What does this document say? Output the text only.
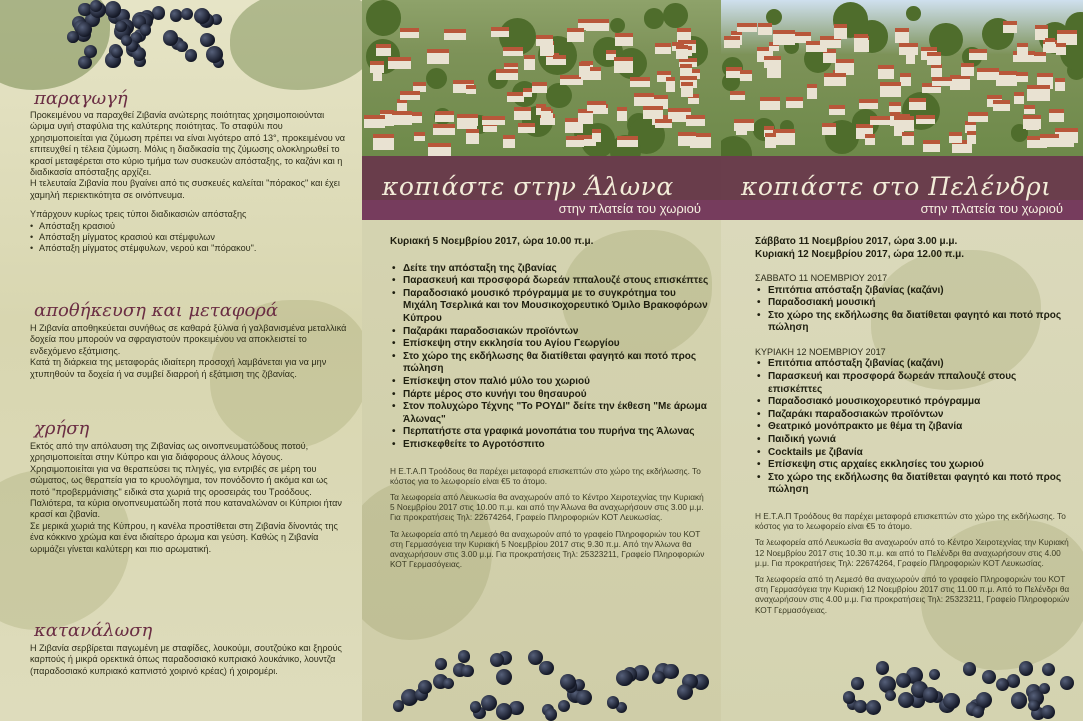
παραγωγή

Προκειμένου να παραχθεί Ζιβανία ανώτερης ποιότητας χρησιμοποιούνται ώριμα υγιή σταφύλια της καλύτερης ποιότητας. Το σταφύλι που χρησιμοποιείται για ζύμωση πρέπει να είναι λιγότερο από 13°, προκειμένου να επιτευχθεί η τέλεια ζύμωση. Μόλις η διαδικασία της ζύμωσης ολοκληρωθεί το κρασί μεταφέρεται στο κύριο τμήμα των συσκευών απόσταξης, το καζάνι και η διαδικασία απόσταξης αρχίζει.

Η τελευταία Ζιβανία που βγαίνει από τις συσκευές καλείται "πόρακος" και έχει χαμηλή περιεκτικότητα σε οινόπνευμα.

Υπάρχουν κυρίως τρεις τύποι διαδικασιών απόσταξης

• Απόσταξη κρασιού
• Απόσταξη μίγματος κρασιού και στέμφυλων
• Απόσταξη μίγματος στέμφυλων, νερού και "πόρακου".
αποθήκευση και μεταφορά

Η Ζιβανία αποθηκεύεται συνήθως σε καθαρά ξύλινα ή γαλβανισμένα μεταλλικά δοχεία που μπορούν να σφραγιστούν προκειμένου να αποκλειστεί το ενδεχόμενο εξάτμισης.

Κατά τη διάρκεια της μεταφοράς ιδιαίτερη προσοχή λαμβάνεται για να μην χτυπηθούν τα δοχεία ή να συμβεί διαρροή ή εξάτμιση της ζιβανίας.

χρήση

Εκτός από την απόλαυση της Ζιβανίας ως οινοπνευματώδους ποτού, χρησιμοποιείται στην Κύπρο και για διάφορους άλλους λόγους. Χρησιμοποιείται για να θεραπεύσει τις πληγές, για εντριβές σε μέρη του σώματος, ως θεραπεία για το κρυολόγημα, τον πονόδοντο ή ακόμα και ως ποτό "προβερμάνισης" ειδικά στα χωριά της οροσειράς του Τροόδους.

Παλιότερα, τα κύρια οινοπνευματώδη ποτά που καταναλώναν οι Κύπριοι ήταν κρασί και ζιβανία.

Σε μερικά χωριά της Κύπρου, η κανέλα προστίθεται στη Ζιβανία δίνοντάς της ένα κόκκινο χρώμα και ένα ιδιαίτερο άρωμα και γεύση. Καθώς η Ζιβανία ωριμάζει γίνεται καλύτερη και πιο αρωματική.

κατανάλωση

Η Ζιβανία σερβίρεται παγωμένη με σταφίδες, λουκούμι, σουτζούκο και ξηρούς καρπούς ή μικρά ορεκτικά όπως παραδοσιακό κυπριακό λουκάνικο, λουντζα (παραδοσιακό κυπριακό καπνιστό χοιρινό κρέας) ή χοιρομέρι.

κοπιάστε στην Άλωνα
στην πλατεία του χωριού

Κυριακή 5 Νοεμβρίου 2017, ώρα 10.00 π.μ.

• Δείτε την απόσταξη της ζιβανίας
• Παρασκευή και προσφορά δωρεάν ππαλουζέ στους επισκέπτες
• Παραδοσιακό μουσικό πρόγραμμα με το συγκρότημα του Μιχάλη Τσερλικά και τον Μουσικοχορευτικό Όμιλο Βρακοφόρων Κύπρου
• Παζαράκι παραδοσιακών προϊόντων
• Επίσκεψη στην εκκλησία του Αγίου Γεωργίου
• Στο χώρο της εκδήλωσης θα διατίθεται φαγητό και ποτό προς πώληση
• Επίσκεψη στον παλιό μύλο του χωριού
• Πάρτε μέρος στο κυνήγι του θησαυρού
• Στον πολυχώρο Τέχνης "Το ΡΟΥΔΙ" δείτε την έκθεση "Με άρωμα Άλωνας"
• Περπατήστε στα γραφικά μονοπάτια του πυρήνα της Άλωνας
• Επισκεφθείτε το Αγροτόσπιτο

Η Ε.Τ.Α.Π Τροόδους θα παρέχει μεταφορά επισκεπτών στο χώρο της εκδήλωσης. Το κόστος για το λεωφορείο είναι €5 το άτομο.

Τα λεωφορεία από Λευκωσία θα αναχωρούν από το Κέντρο Χειροτεχνίας την Κυριακή 5 Νοεμβρίου 2017 στις 10.00 π.μ. και από την Άλωνα θα αναχωρήσουν στις 3.00 μ.μ. Για προκρατήσεις Τηλ: 22674264, Γραφείο Πληροφοριών ΚΟΤ Λευκωσίας.

Τα λεωφορεία από τη Λεμεσό θα αναχωρούν από το γραφείο Πληροφοριών του ΚΟΤ στη Γερμασόγεια την Κυριακή 5 Νοεμβρίου 2017 στις 9.30 π.μ. Από την Άλωνα θα αναχωρήσουν στις 3.00 μ.μ. Για προκρατήσεις Τηλ: 25323211, Γραφείο Πληροφοριών ΚΟΤ Γερμασόγειας.

κοπιάστε στο Πελένδρι
στην πλατεία του χωριού

Σάββατο 11 Νοεμβρίου 2017, ώρα 3.00 μ.μ.

Κυριακή 12 Νοεμβρίου 2017, ώρα 12.00 π.μ.

ΣΑΒΒΑΤΟ 11 ΝΟΕΜΒΡΙΟΥ 2017

• Επιτόπια απόσταξη ζιβανίας (καζάνι)
• Παραδοσιακή μουσική
• Στο χώρο της εκδήλωσης θα διατίθεται φαγητό και ποτό προς πώληση

ΚΥΡΙΑΚΗ 12 ΝΟΕΜΒΡΙΟΥ 2017

• Επιτόπια απόσταξη ζιβανίας (καζάνι)
• Παρασκευή και προσφορά δωρεάν ππαλουζέ στους επισκέπτες
• Παραδοσιακό μουσικοχορευτικό πρόγραμμα
• Παζαράκι παραδοσιακών προϊόντων
• Θεατρικό μονόπρακτο με θέμα τη ζιβανία
• Παιδική γωνιά
• Cocktails με ζιβανία
• Επίσκεψη στις αρχαίες εκκλησίες του χωριού
• Στο χώρο της εκδήλωσης θα διατίθεται φαγητό και ποτό προς πώληση

Η Ε.Τ.Α.Π Τροόδους θα παρέχει μεταφορά επισκεπτών στο χώρο της εκδήλωσης. Το κόστος για το λεωφορείο είναι €5 το άτομο.

Τα λεωφορεία από Λευκωσία θα αναχωρούν από το Κέντρο Χειροτεχνίας την Κυριακή 12 Νοεμβρίου 2017 στις 10.30 π.μ. και από το Πελένδρι θα αναχωρήσουν στις 4.00 μ.μ. Για προκρατήσεις Τηλ: 22674264, Γραφείο Πληροφοριών ΚΟΤ Λευκωσίας.

Τα λεωφορεία από τη Λεμεσό θα αναχωρούν από το γραφείο Πληροφοριών του ΚΟΤ στη Γερμασόγεια την Κυριακή 12 Νοεμβρίου 2017 στις 11.00 π.μ. Από το Πελένδρι θα αναχωρήσουν στις 4.00 μ.μ. Για προκρατήσεις Τηλ: 25323211, Γραφείο Πληροφοριών ΚΟΤ Γερμασόγειας.
